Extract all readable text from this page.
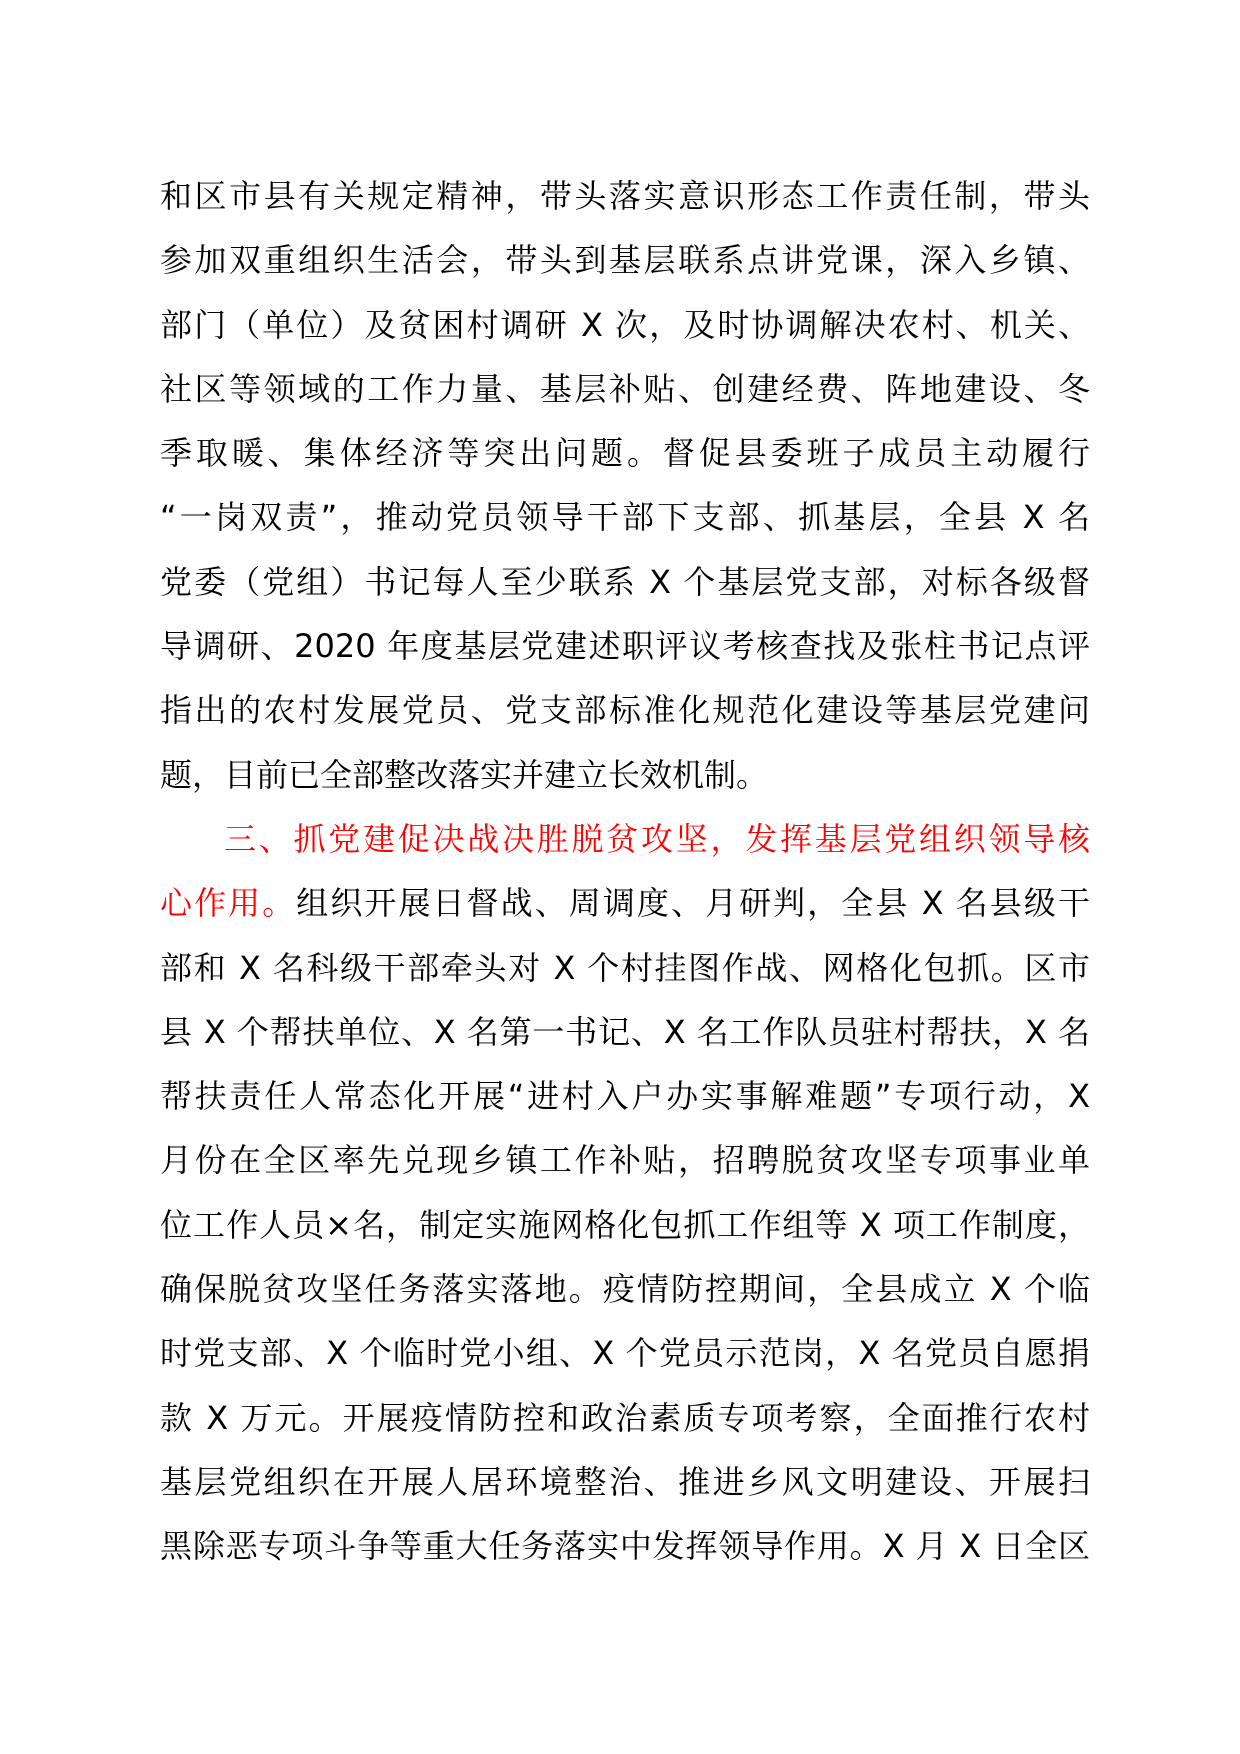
和区市县有关规定精神，带头落实意识形态工作责任制，带头
参加双重组织生活会，带头到基层联系点讲党课，深入乡镇、
部门（单位）及贫困村调研 X 次，及时协调解决农村、机关、
社区等领域的工作力量、基层补贴、创建经费、阵地建设、冬
季取暖、集体经济等突出问题。督促县委班子成员主动履行
“一岗双责”，推动党员领导干部下支部、抓基层，全县 X 名
党委（党组）书记每人至少联系 X 个基层党支部，对标各级督
导调研、2020 年度基层党建述职评议考核查找及张柱书记点评
指出的农村发展党员、党支部标准化规范化建设等基层党建问
题，目前已全部整改落实并建立长效机制。
三、抓党建促决战决胜脱贫攻坚，发挥基层党组织领导核
心作用。组织开展日督战、周调度、月研判，全县 X 名县级干
部和 X 名科级干部牵头对 X 个村挂图作战、网格化包抓。区市
县 X 个帮扶单位、X 名第一书记、X 名工作队员驻村帮扶，X 名
帮扶责任人常态化开展“进村入户办实事解难题”专项行动，X
月份在全区率先兑现乡镇工作补贴，招聘脱贫攻坚专项事业单
位工作人员×名，制定实施网格化包抓工作组等 X 项工作制度，
确保脱贫攻坚任务落实落地。疫情防控期间，全县成立 X 个临
时党支部、X 个临时党小组、X 个党员示范岗，X 名党员自愿捐
款 X 万元。开展疫情防控和政治素质专项考察，全面推行农村
基层党组织在开展人居环境整治、推进乡风文明建设、开展扫
黑除恶专项斗争等重大任务落实中发挥领导作用。X 月 X 日全区
